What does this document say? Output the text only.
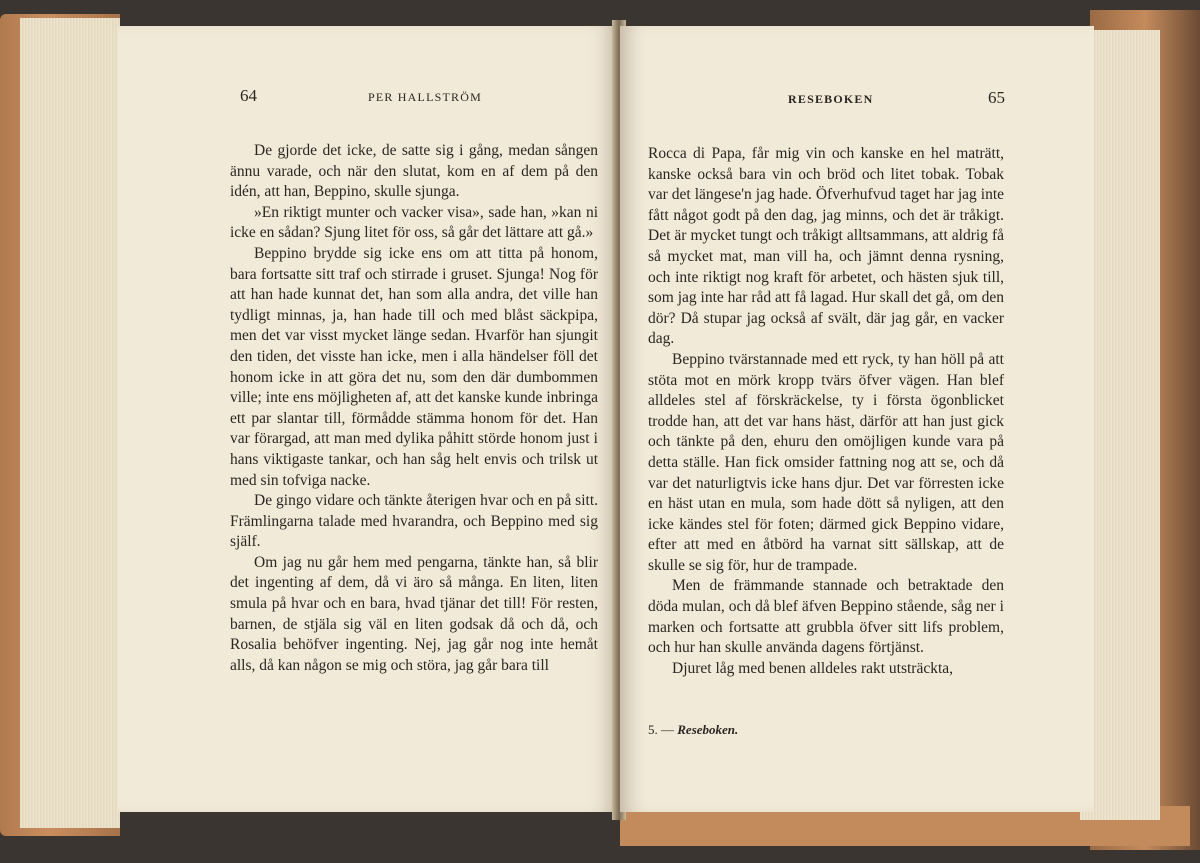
64	PER HALLSTRÖM

De gjorde det icke, de satte sig i gång, medan sången ännu varade, och när den slutat, kom en af dem på den idén, att han, Beppino, skulle sjunga.

»En riktigt munter och vacker visa», sade han, »kan ni icke en sådan? Sjung litet för oss, så går det lättare att gå.»

Beppino brydde sig icke ens om att titta på honom, bara fortsatte sitt traf och stirrade i gruset. Sjunga! Nog för att han hade kunnat det, han som alla andra, det ville han tydligt minnas, ja, han hade till och med blåst säckpipa, men det var visst mycket länge sedan. Hvarför han sjungit den tiden, det visste han icke, men i alla händelser föll det honom icke in att göra det nu, som den där dumbommen ville; inte ens möjligheten af, att det kanske kunde inbringa ett par slantar till, förmådde stämma honom för det. Han var förargad, att man med dylika påhitt störde honom just i hans viktigaste tankar, och han såg helt envis och trilsk ut med sin tofviga nacke.

De gingo vidare och tänkte återigen hvar och en på sitt. Främlingarna talade med hvarandra, och Beppino med sig själf.

Om jag nu går hem med pengarna, tänkte han, så blir det ingenting af dem, då vi äro så många. En liten, liten smula på hvar och en bara, hvad tjänar det till! För resten, barnen, de stjäla sig väl en liten godsak då och då, och Rosalia behöfver ingenting. Nej, jag går nog inte hemåt alls, då kan någon se mig och störa, jag går bara till

RESEBOKEN	65

Rocca di Papa, får mig vin och kanske en hel maträtt, kanske också bara vin och bröd och litet tobak. Tobak var det längese'n jag hade. Öfverhufvud taget har jag inte fått något godt på den dag, jag minns, och det är tråkigt. Det är mycket tungt och tråkigt alltsammans, att aldrig få så mycket mat, man vill ha, och jämnt denna rysning, och inte riktigt nog kraft för arbetet, och hästen sjuk till, som jag inte har råd att få lagad. Hur skall det gå, om den dör? Då stupar jag också af svält, där jag går, en vacker dag.

Beppino tvärstannade med ett ryck, ty han höll på att stöta mot en mörk kropp tvärs öfver vägen. Han blef alldeles stel af förskräckelse, ty i första ögonblicket trodde han, att det var hans häst, därför att han just gick och tänkte på den, ehuru den omöjligen kunde vara på detta ställe. Han fick omsider fattning nog att se, och då var det naturligtvis icke hans djur. Det var förresten icke en häst utan en mula, som hade dött så nyligen, att den icke kändes stel för foten; därmed gick Beppino vidare, efter att med en åtbörd ha varnat sitt sällskap, att de skulle se sig för, hur de trampade.

Men de främmande stannade och betraktade den döda mulan, och då blef äfven Beppino stående, såg ner i marken och fortsatte att grubbla öfver sitt lifs problem, och hur han skulle använda dagens förtjänst.

Djuret låg med benen alldeles rakt utsträckta,

5. — Reseboken.
